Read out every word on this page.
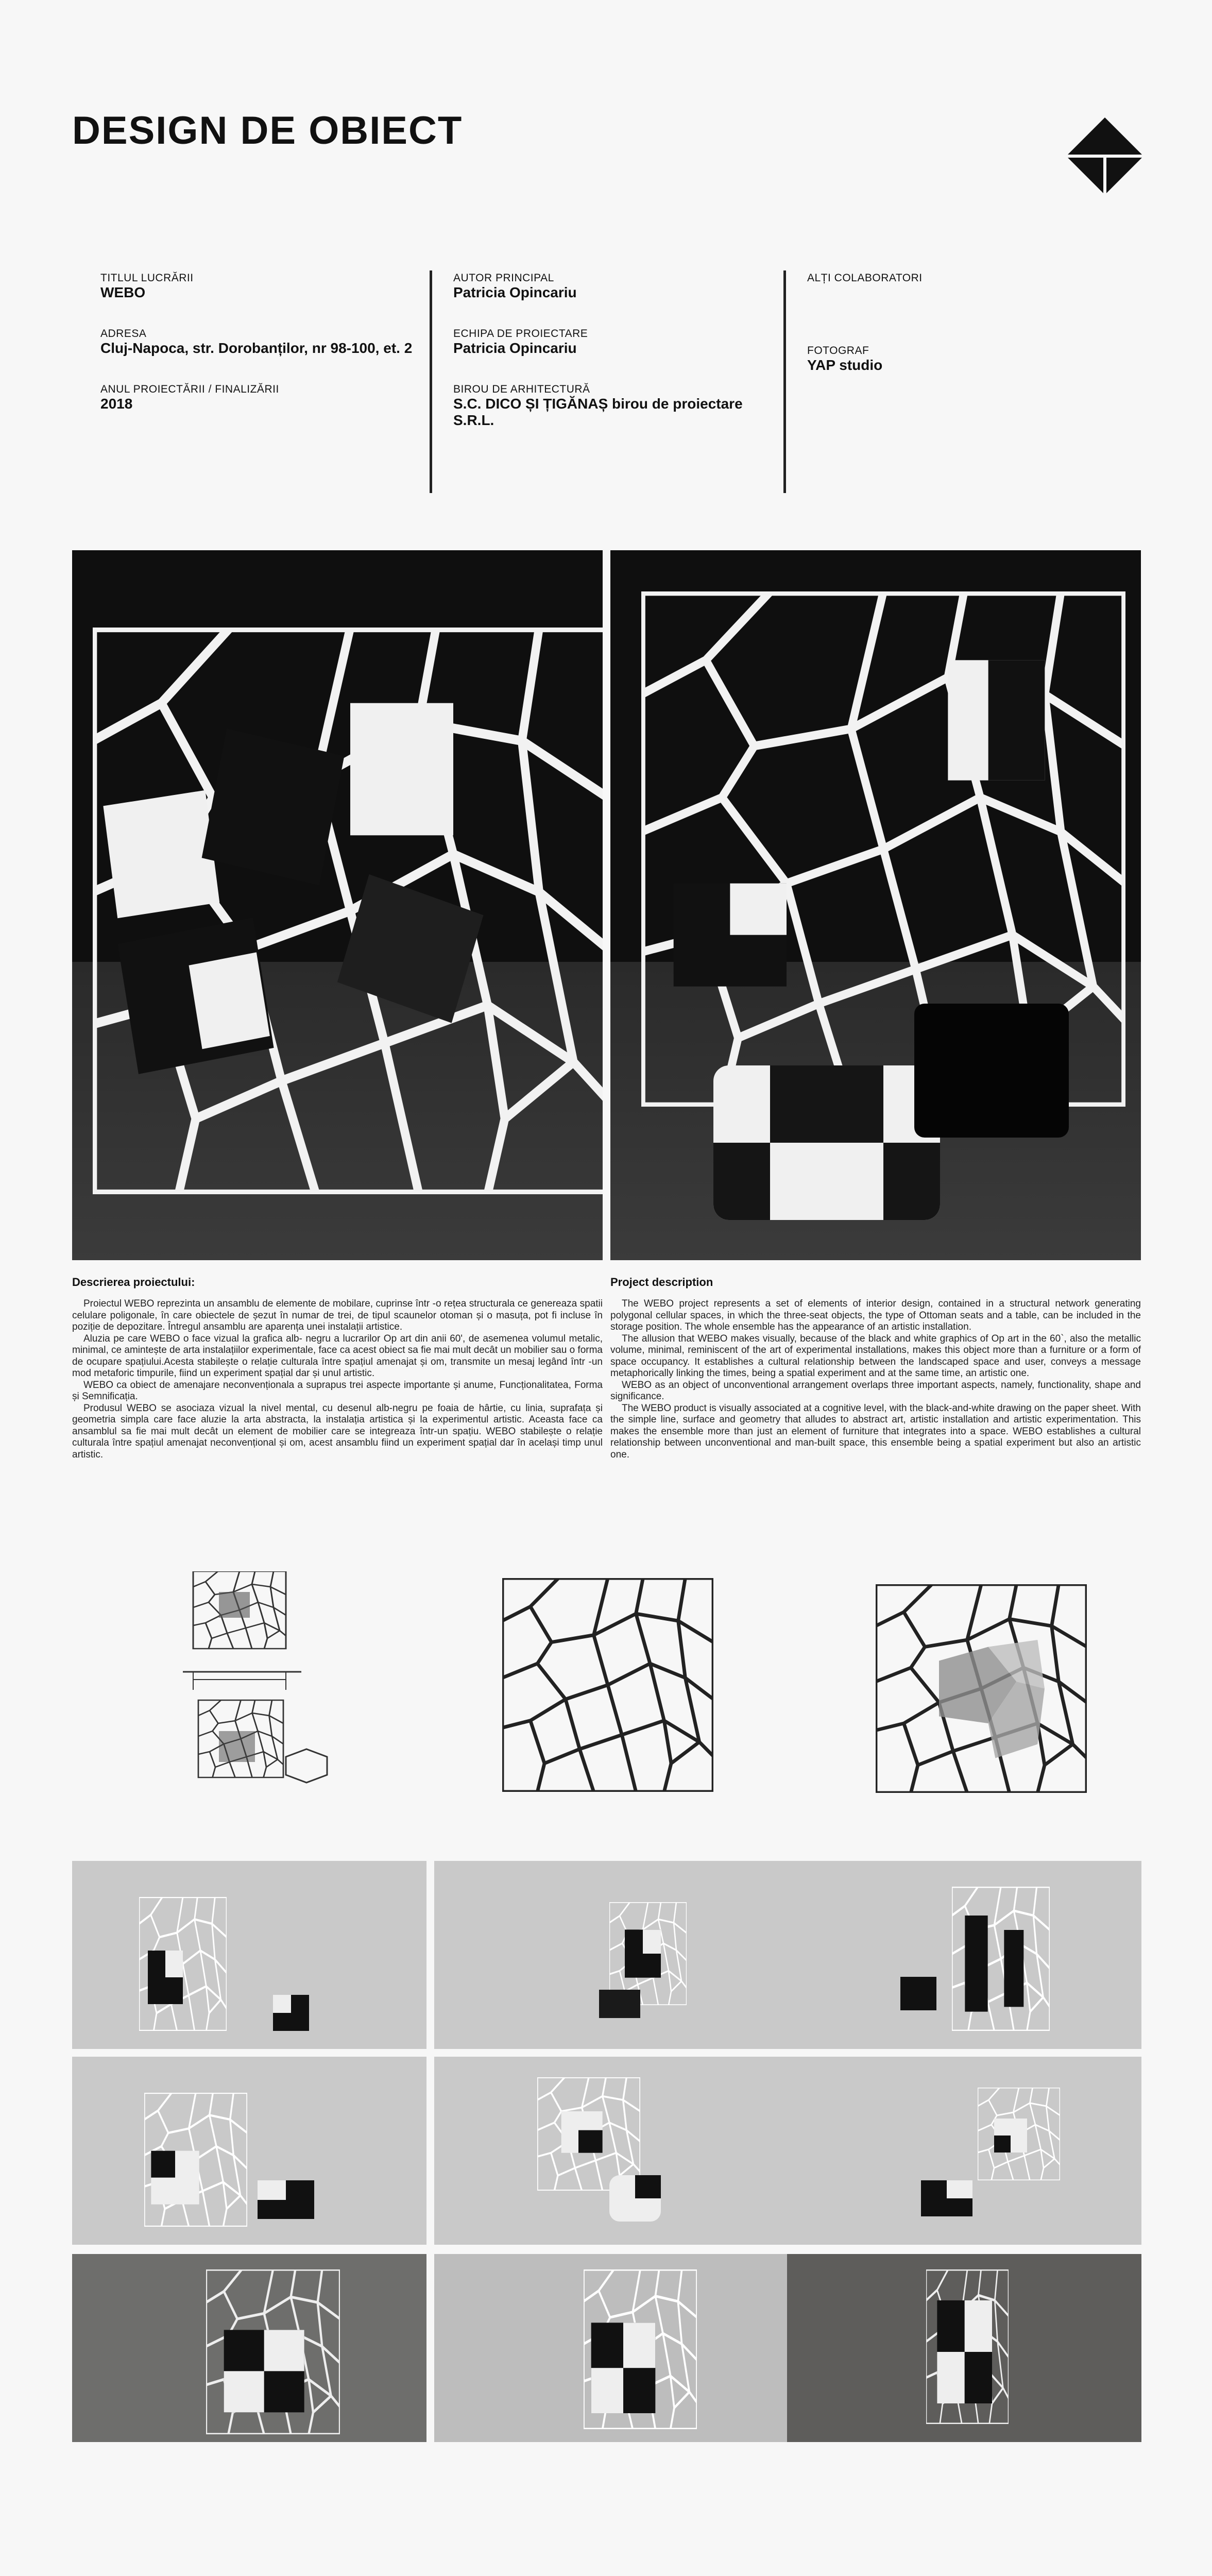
DESIGN DE OBIECT
TITLUL LUCRĂRII
WEBO
ADRESA
Cluj-Napoca, str. Dorobanților, nr 98-100, et. 2
ANUL PROIECTĂRII / FINALIZĂRII
2018
AUTOR PRINCIPAL
Patricia Opincariu
ECHIPA DE PROIECTARE
Patricia Opincariu
BIROU DE ARHITECTURĂ
S.C. DICO ȘI ȚIGĂNAȘ birou de proiectare S.R.L.
ALȚI COLABORATORI
FOTOGRAF
YAP studio
Descrierea proiectului:

Proiectul WEBO reprezinta un ansamblu de elemente de mobilare, cuprinse într -o rețea structurala ce genereaza spatii celulare poligonale, în care obiectele de șezut în numar de trei, de tipul scaunelor otoman și o masuța, pot fi incluse în poziție de depozitare. Întregul ansamblu are aparența unei instalații artistice.

Aluzia pe care WEBO o face vizual la grafica alb- negru a lucrarilor Op art din anii 60', de asemenea volumul metalic, minimal, ce amintește de arta instalațiilor experimentale, face ca acest obiect sa fie mai mult decât un mobilier sau o forma de ocupare spațiului.Acesta stabilește o relație culturala între spațiul amenajat și om, transmite un mesaj legând într -un mod metaforic timpurile, fiind un experiment spațial dar și unul artistic.

WEBO ca obiect de amenajare neconvenționala a suprapus trei aspecte importante și anume, Funcționalitatea, Forma și Semnificația.

Produsul WEBO se asociaza vizual la nivel mental, cu desenul alb-negru pe foaia de hârtie, cu linia, suprafața și geometria simpla care face aluzie la arta abstracta, la instalația artistica și la experimentul artistic. Aceasta face ca ansamblul sa fie mai mult decât un element de mobilier care se integreaza într-un spațiu. WEBO stabilește o relație culturala între spațiul amenajat neconvențional și om, acest ansamblu fiind un experiment spațial dar în același timp unul artistic.

Project description

The WEBO project represents a set of elements of interior design, contained in a structural network generating polygonal cellular spaces, in which the three-seat objects, the type of Ottoman seats and a table, can be included in the storage position. The whole ensemble has the appearance of an artistic installation.

The allusion that WEBO makes visually, because of the black and white graphics of Op art in the 60`, also the metallic volume, minimal, reminiscent of the art of experimental installations, makes this object more than a furniture or a form of space occupancy. It establishes a cultural relationship between the landscaped space and user, conveys a message metaphorically linking the times, being a spatial experiment and at the same time, an artistic one.

WEBO as an object of unconventional arrangement overlaps three important aspects, namely, functionality, shape and significance.

The WEBO product is visually associated at a cognitive level, with the black-and-white drawing on the paper sheet. With the simple line, surface and geometry that alludes to abstract art, artistic installation and artistic experimentation. This makes the ensemble more than just an element of furniture that integrates into a space. WEBO establishes a cultural relationship between unconventional and man-built space, this ensemble being a spatial experiment but also an artistic one.
